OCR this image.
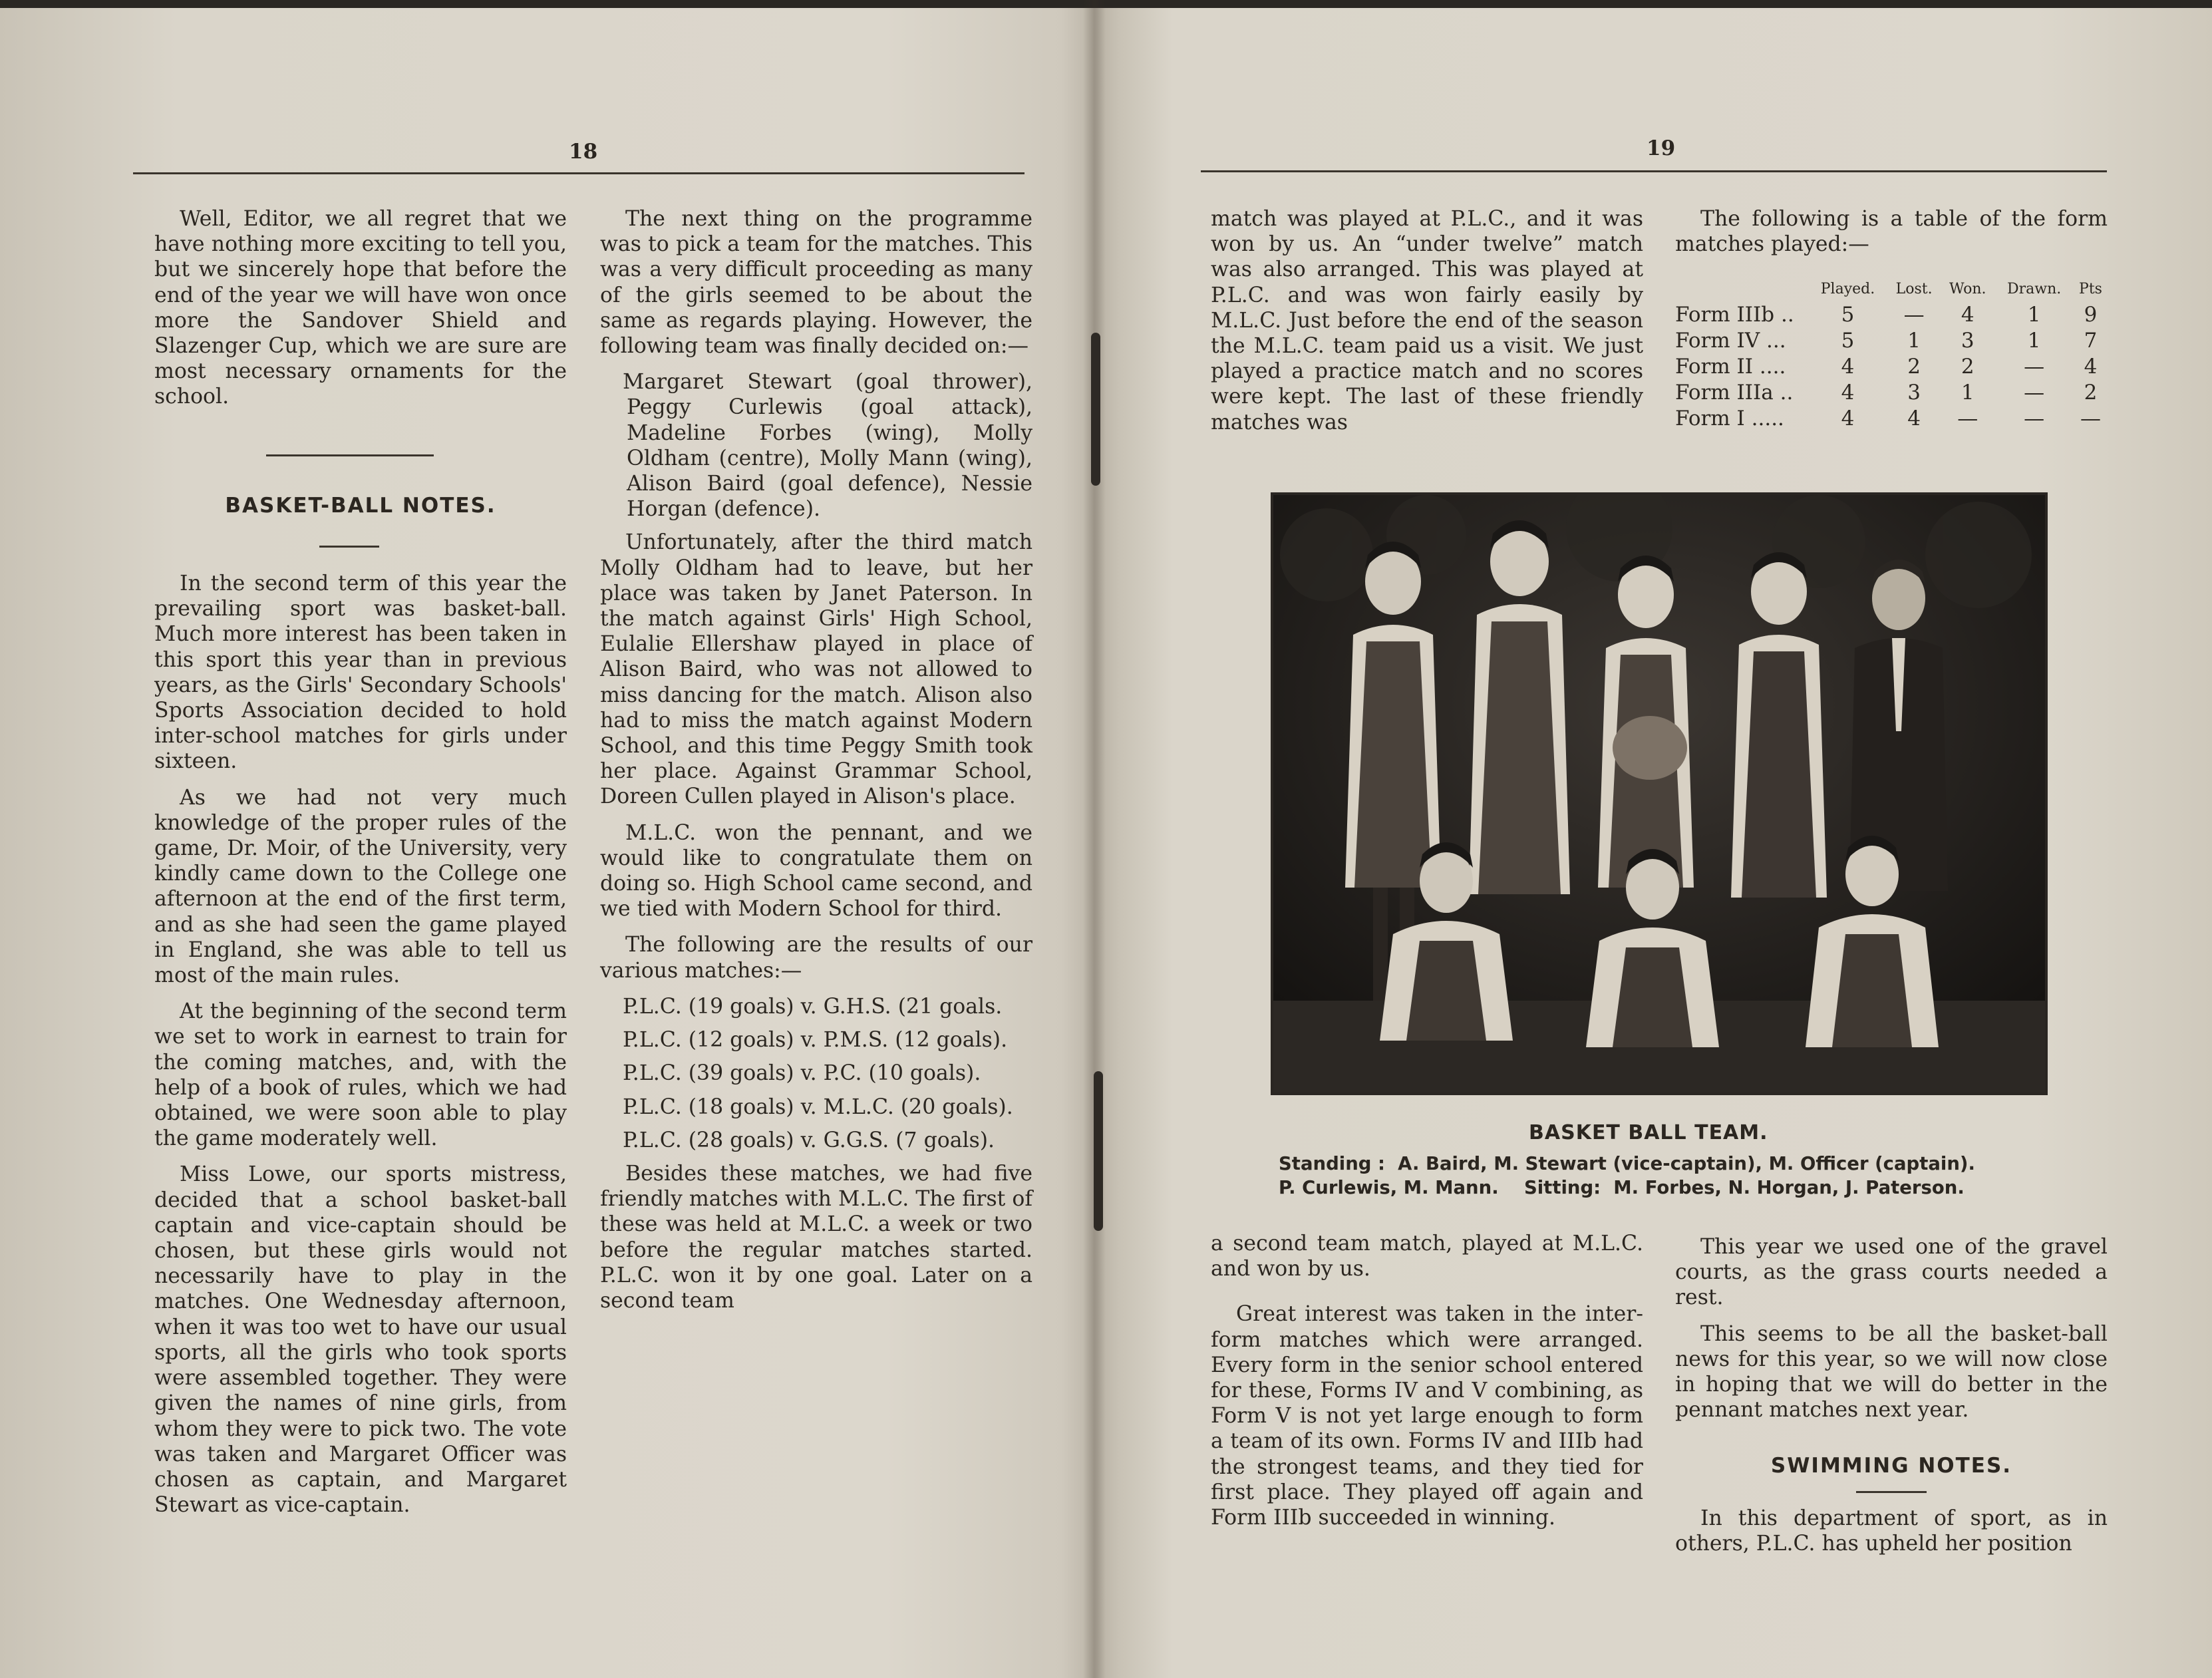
18

Well, Editor, we all regret that we have nothing more exciting to tell you, but we sincerely hope that before the end of the year we will have won once more the Sandover Shield and Slazenger Cup, which we are sure are most necessary ornaments for the school.

BASKET-BALL NOTES.

In the second term of this year the prevailing sport was basket-ball. Much more interest has been taken in this sport this year than in previous years, as the Girls' Secondary Schools' Sports Association decided to hold inter-school matches for girls under sixteen.

As we had not very much knowledge of the proper rules of the game, Dr. Moir, of the University, very kindly came down to the College one afternoon at the end of the first term, and as she had seen the game played in England, she was able to tell us most of the main rules.

At the beginning of the second term we set to work in earnest to train for the coming matches, and, with the help of a book of rules, which we had obtained, we were soon able to play the game moderately well.

Miss Lowe, our sports mistress, decided that a school basket-ball captain and vice-captain should be chosen, but these girls would not necessarily have to play in the matches. One Wednesday afternoon, when it was too wet to have our usual sports, all the girls who took sports were assembled together. They were given the names of nine girls, from whom they were to pick two. The vote was taken and Margaret Officer was chosen as captain, and Margaret Stewart as vice-captain.

The next thing on the programme was to pick a team for the matches. This was a very difficult proceeding as many of the girls seemed to be about the same as regards playing. However, the following team was finally decided on:—

Margaret Stewart (goal thrower), Peggy Curlewis (goal attack), Madeline Forbes (wing), Molly Oldham (centre), Molly Mann (wing), Alison Baird (goal defence), Nessie Horgan (defence).

Unfortunately, after the third match Molly Oldham had to leave, but her place was taken by Janet Paterson. In the match against Girls' High School, Eulalie Ellershaw played in place of Alison Baird, who was not allowed to miss dancing for the match. Alison also had to miss the match against Modern School, and this time Peggy Smith took her place. Against Grammar School, Doreen Cullen played in Alison's place.

M.L.C. won the pennant, and we would like to congratulate them on doing so. High School came second, and we tied with Modern School for third.

The following are the results of our various matches:—

P.L.C. (19 goals) v. G.H.S. (21 goals.

P.L.C. (12 goals) v. P.M.S. (12 goals).

P.L.C. (39 goals) v. P.C. (10 goals).

P.L.C. (18 goals) v. M.L.C. (20 goals).

P.L.C. (28 goals) v. G.G.S. (7 goals).

Besides these matches, we had five friendly matches with M.L.C. The first of these was held at M.L.C. a week or two before the regular matches started. P.L.C. won it by one goal. Later on a second team

19

match was played at P.L.C., and it was won by us. An “under twelve” match was also arranged. This was played at P.L.C. and was won fairly easily by M.L.C. Just before the end of the season the M.L.C. team paid us a visit. We just played a practice match and no scores were kept. The last of these friendly matches was

The following is a table of the form matches played:—

	Played.	Lost.	Won.	Drawn.	Pts
Form IIIb ..	5	—	4	1	9
Form IV ...	5	1	3	1	7
Form II ....	4	2	2	—	4
Form IIIa ..	4	3	1	—	2
Form I .....	4	4	—	—	—
BASKET BALL TEAM.
Standing :  A. Baird, M. Stewart (vice-captain), M. Officer (captain).
P. Curlewis, M. Mann.    Sitting:  M. Forbes, N. Horgan, J. Paterson.

a second team match, played at M.L.C. and won by us.

Great interest was taken in the inter-form matches which were arranged. Every form in the senior school entered for these, Forms IV and V combining, as Form V is not yet large enough to form a team of its own. Forms IV and IIIb had the strongest teams, and they tied for first place. They played off again and Form IIIb succeeded in winning.

This year we used one of the gravel courts, as the grass courts needed a rest.

This seems to be all the basket-ball news for this year, so we will now close in hoping that we will do better in the pennant matches next year.

SWIMMING NOTES.

In this department of sport, as in others, P.L.C. has upheld her position
